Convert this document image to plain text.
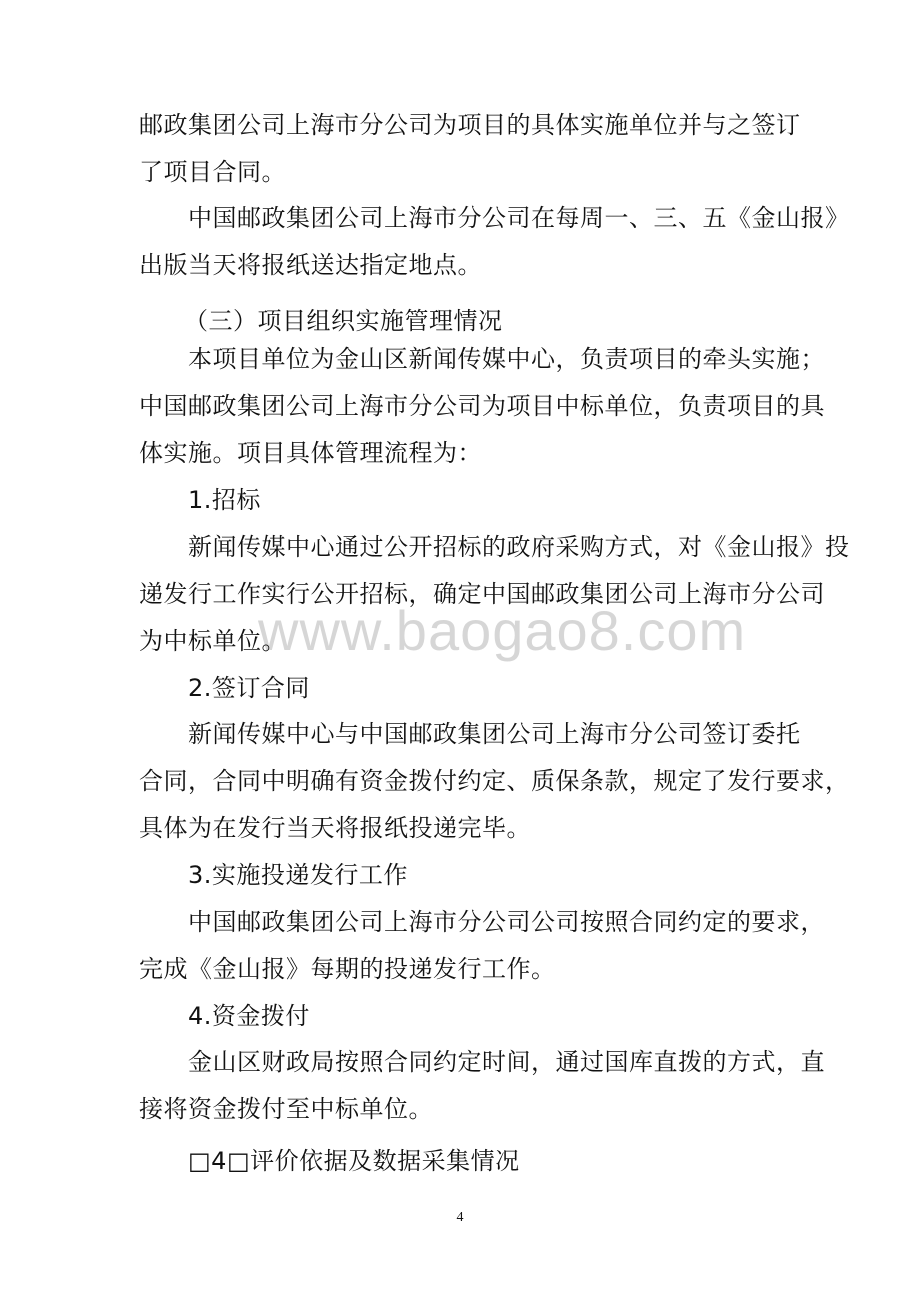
邮政集团公司上海市分公司为项目的具体实施单位并与之签订
了项目合同。
中国邮政集团公司上海市分公司在每周一、三、五《金山报》
出版当天将报纸送达指定地点。
（三）项目组织实施管理情况
本项目单位为金山区新闻传媒中心，负责项目的牵头实施；
中国邮政集团公司上海市分公司为项目中标单位，负责项目的具
体实施。项目具体管理流程为：
1.招标
新闻传媒中心通过公开招标的政府采购方式，对《金山报》投
递发行工作实行公开招标，确定中国邮政集团公司上海市分公司
为中标单位。
2.签订合同
新闻传媒中心与中国邮政集团公司上海市分公司签订委托
合同，合同中明确有资金拨付约定、质保条款，规定了发行要求，
具体为在发行当天将报纸投递完毕。
3.实施投递发行工作
中国邮政集团公司上海市分公司公司按照合同约定的要求，
完成《金山报》每期的投递发行工作。
4.资金拨付
金山区财政局按照合同约定时间，通过国库直拨的方式，直
接将资金拨付至中标单位。
□4□评价依据及数据采集情况
www.baogao8.com
4
